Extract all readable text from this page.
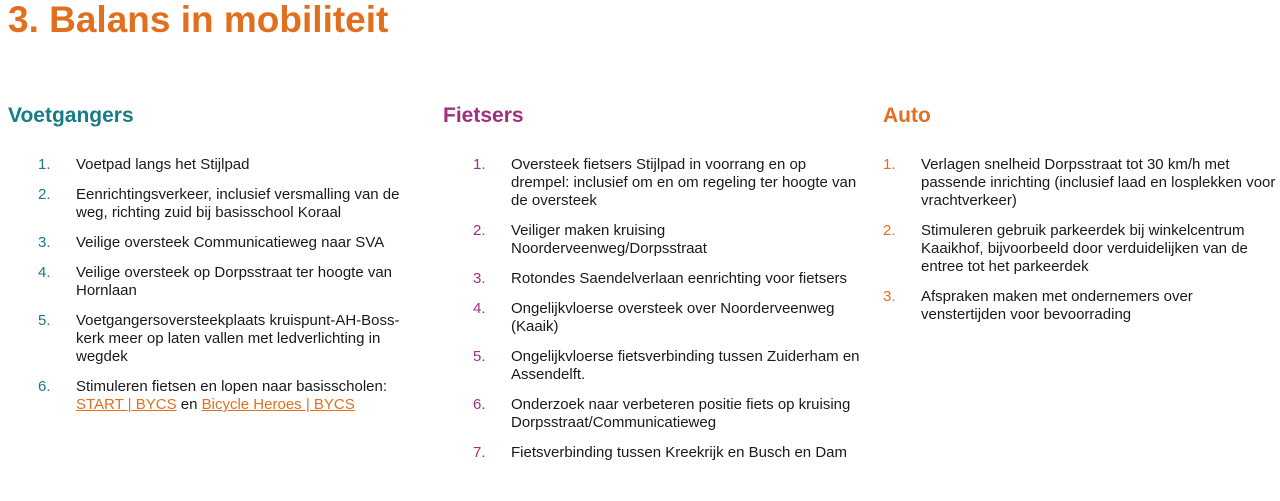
3. Balans in mobiliteit
Voetgangers
1.	Voetpad langs het Stijlpad
2.	Eenrichtingsverkeer, inclusief versmalling van de weg, richting zuid bij basisschool Koraal
3.	Veilige oversteek Communicatieweg naar SVA
4.	Veilige oversteek op Dorpsstraat ter hoogte van Hornlaan
5.	Voetgangersoversteekplaats kruispunt-AH-Boss-kerk meer op laten vallen met ledverlichting in wegdek
6.	Stimuleren fietsen en lopen naar basisscholen:
START | BYCS en Bicycle Heroes | BYCS
Fietsers
1.	Oversteek fietsers Stijlpad in voorrang en op drempel: inclusief om en om regeling ter hoogte van de oversteek
2.	Veiliger maken kruising Noorderveenweg/Dorpsstraat
3.	Rotondes Saendelverlaan eenrichting voor fietsers
4.	Ongelijkvloerse oversteek over Noorderveenweg (Kaaik)
5.	Ongelijkvloerse fietsverbinding tussen Zuiderham en Assendelft.
6.	Onderzoek naar verbeteren positie fiets op kruising Dorpsstraat/Communicatieweg
7.	Fietsverbinding tussen Kreekrijk en Busch en Dam
Auto
1.	Verlagen snelheid Dorpsstraat tot 30 km/h met passende inrichting (inclusief laad en losplekken voor vrachtverkeer)
2.	Stimuleren gebruik parkeerdek bij winkelcentrum Kaaikhof, bijvoorbeeld door verduidelijken van de entree tot het parkeerdek
3.	Afspraken maken met ondernemers over venstertijden voor bevoorrading
